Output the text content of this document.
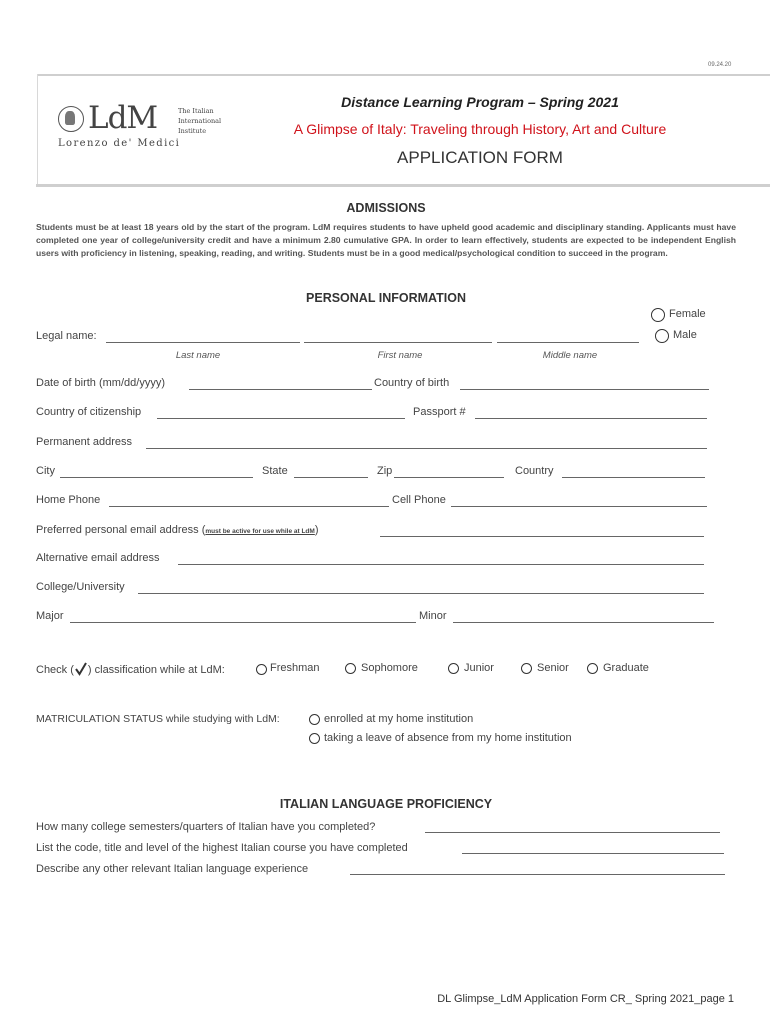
09.24.20
LdM	The Italian International Institute
Lorenzo de' Medici
Distance Learning Program – Spring 2021
A Glimpse of Italy: Traveling through History, Art and Culture
APPLICATION FORM
ADMISSIONS
Students must be at least 18 years old by the start of the program. LdM requires students to have upheld good academic and disciplinary standing. Applicants must have completed one year of college/university credit and have a minimum 2.80 cumulative GPA. In order to learn effectively, students are expected to be independent English users with proficiency in listening, speaking, reading, and writing. Students must be in a good medical/psychological condition to succeed in the program.
PERSONAL INFORMATION
Female
Male
Legal name:
Last name	First name	Middle name
Date of birth (mm/dd/yyyy)	Country of birth
Country of citizenship	Passport #
Permanent address
City	State	Zip	Country
Home Phone	Cell Phone
Preferred personal email address (must be active for use while at LdM)
Alternative email address
College/University
Major	Minor
Check ( ) classification while at LdM:	Freshman	Sophomore	Junior	Senior	Graduate
MATRICULATION STATUS while studying with LdM:	enrolled at my home institution
taking a leave of absence from my home institution
ITALIAN LANGUAGE PROFICIENCY
How many college semesters/quarters of Italian have you completed?
List the code, title and level of the highest Italian course you have completed
Describe any other relevant Italian language experience
DL Glimpse_LdM Application Form CR_ Spring 2021_page 1
